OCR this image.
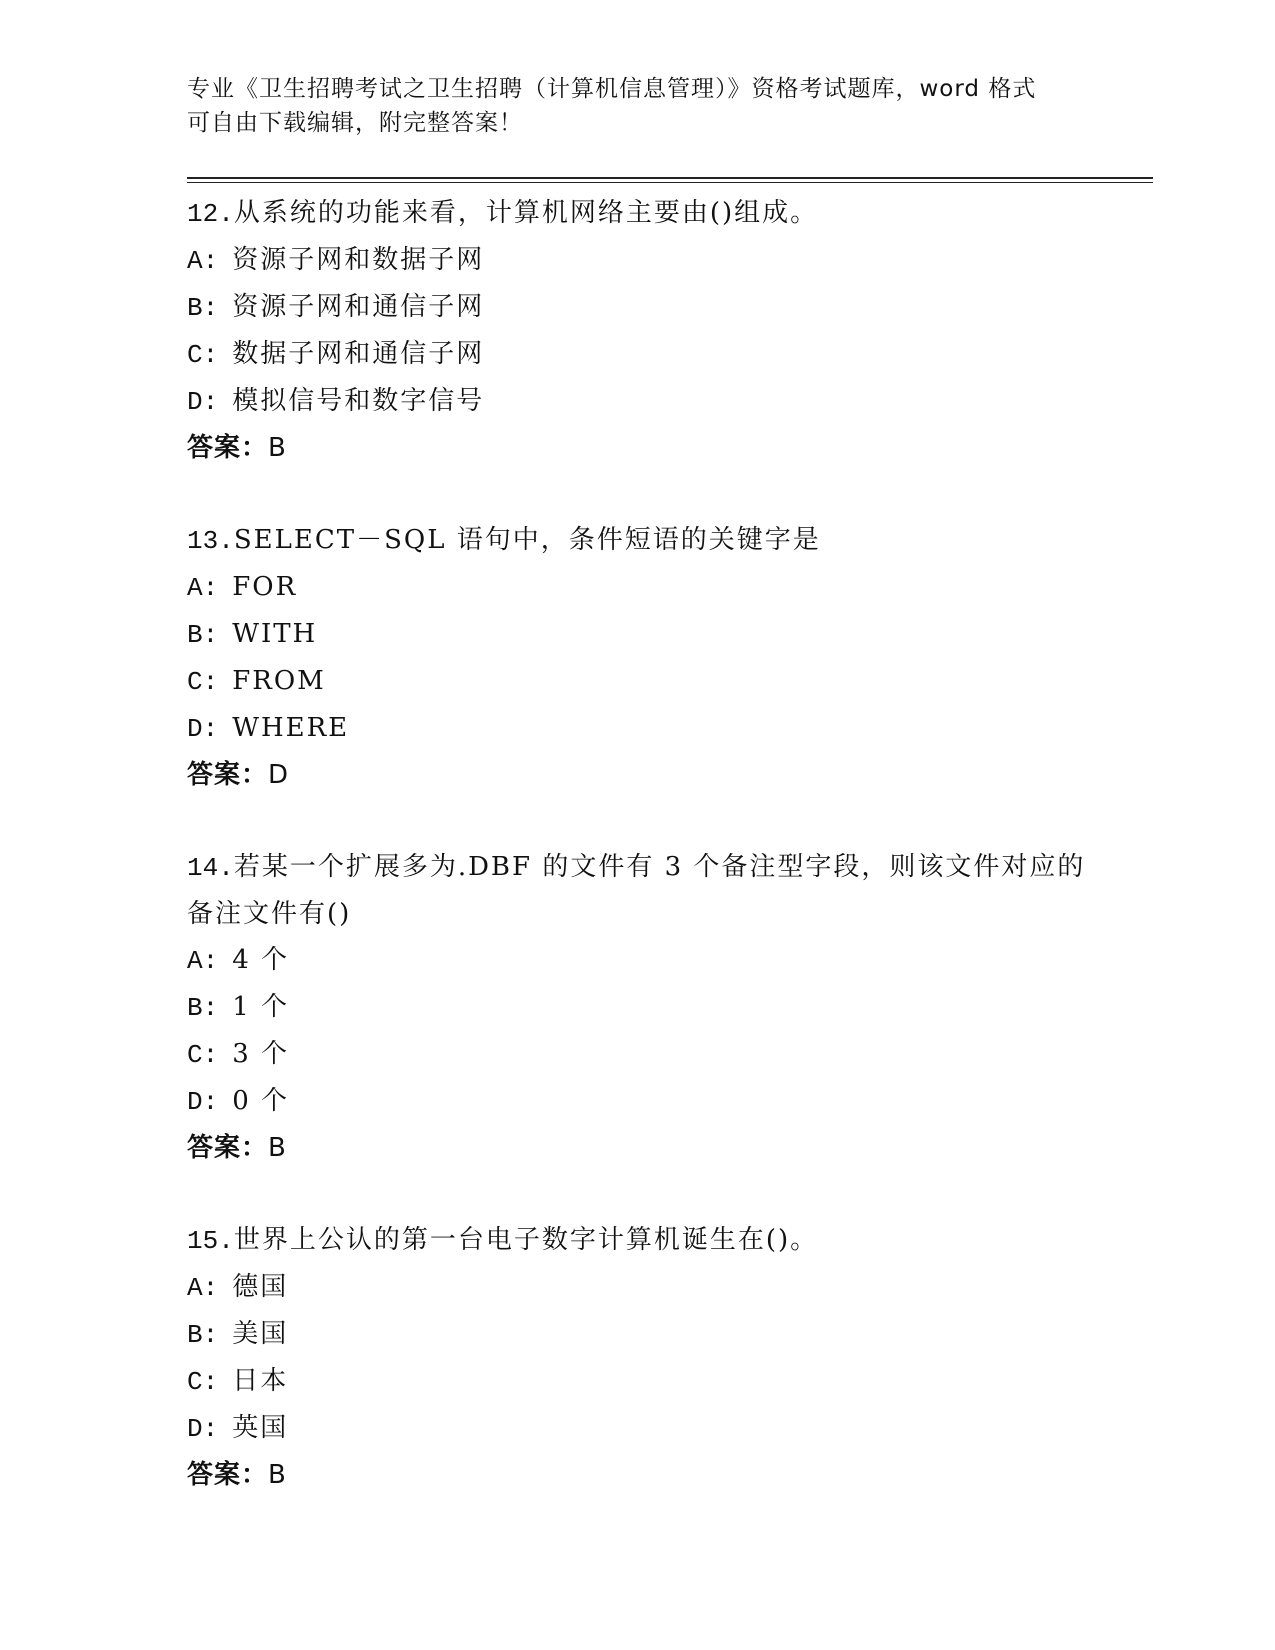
专业《卫生招聘考试之卫生招聘（计算机信息管理）》资格考试题库，word 格式
可自由下载编辑，附完整答案！
12.从系统的功能来看，计算机网络主要由()组成。
A: 资源子网和数据子网
B: 资源子网和通信子网
C: 数据子网和通信子网
D: 模拟信号和数字信号
答案：B
13.SELECT－SQL 语句中，条件短语的关键字是
A: FOR
B: WITH
C: FROM
D: WHERE
答案：D
14.若某一个扩展多为.DBF 的文件有 3 个备注型字段，则该文件对应的备注文件有()
A: 4 个
B: 1 个
C: 3 个
D: 0 个
答案：B
15.世界上公认的第一台电子数字计算机诞生在()。
A: 德国
B: 美国
C: 日本
D: 英国
答案：B
